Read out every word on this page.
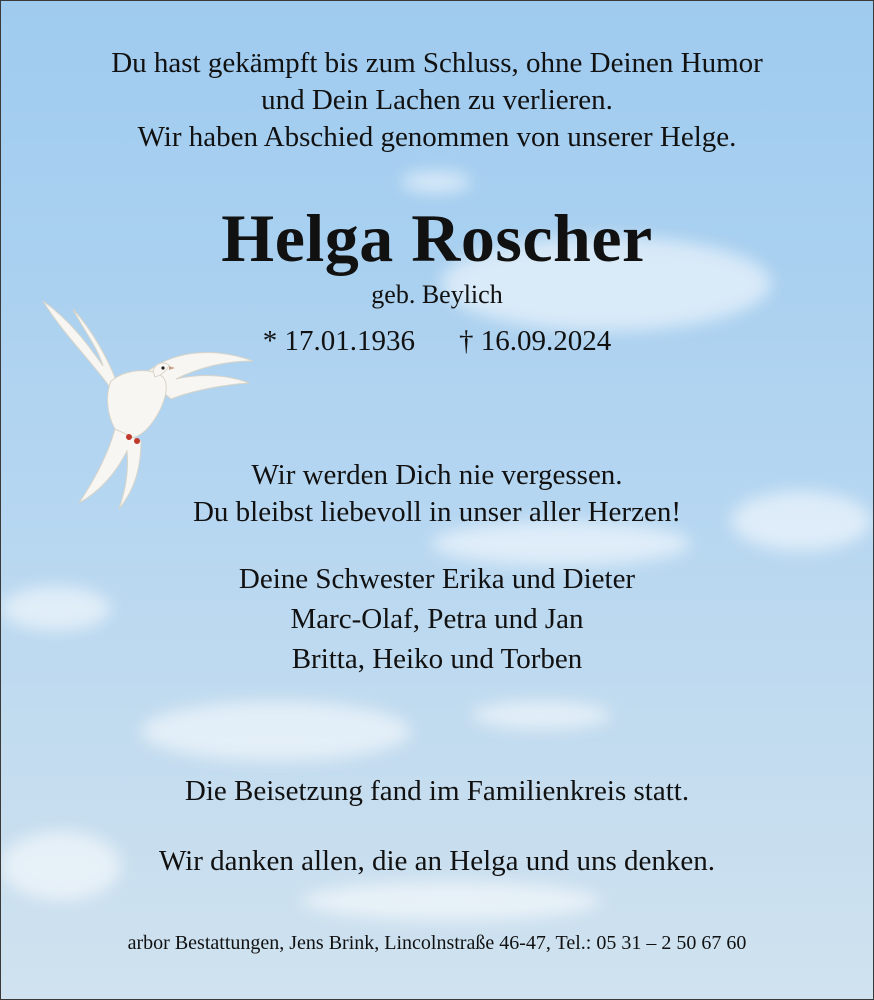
Du hast gekämpft bis zum Schluss, ohne Deinen Humor
und Dein Lachen zu verlieren.
Wir haben Abschied genommen von unserer Helge.
Helga Roscher
geb. Beylich
* 17.01.1936 † 16.09.2024
Wir werden Dich nie vergessen.
Du bleibst liebevoll in unser aller Herzen!
Deine Schwester Erika und Dieter
Marc-Olaf, Petra und Jan
Britta, Heiko und Torben
Die Beisetzung fand im Familienkreis statt.
Wir danken allen, die an Helga und uns denken.
arbor Bestattungen, Jens Brink, Lincolnstraße 46-47, Tel.: 05 31 – 2 50 67 60
